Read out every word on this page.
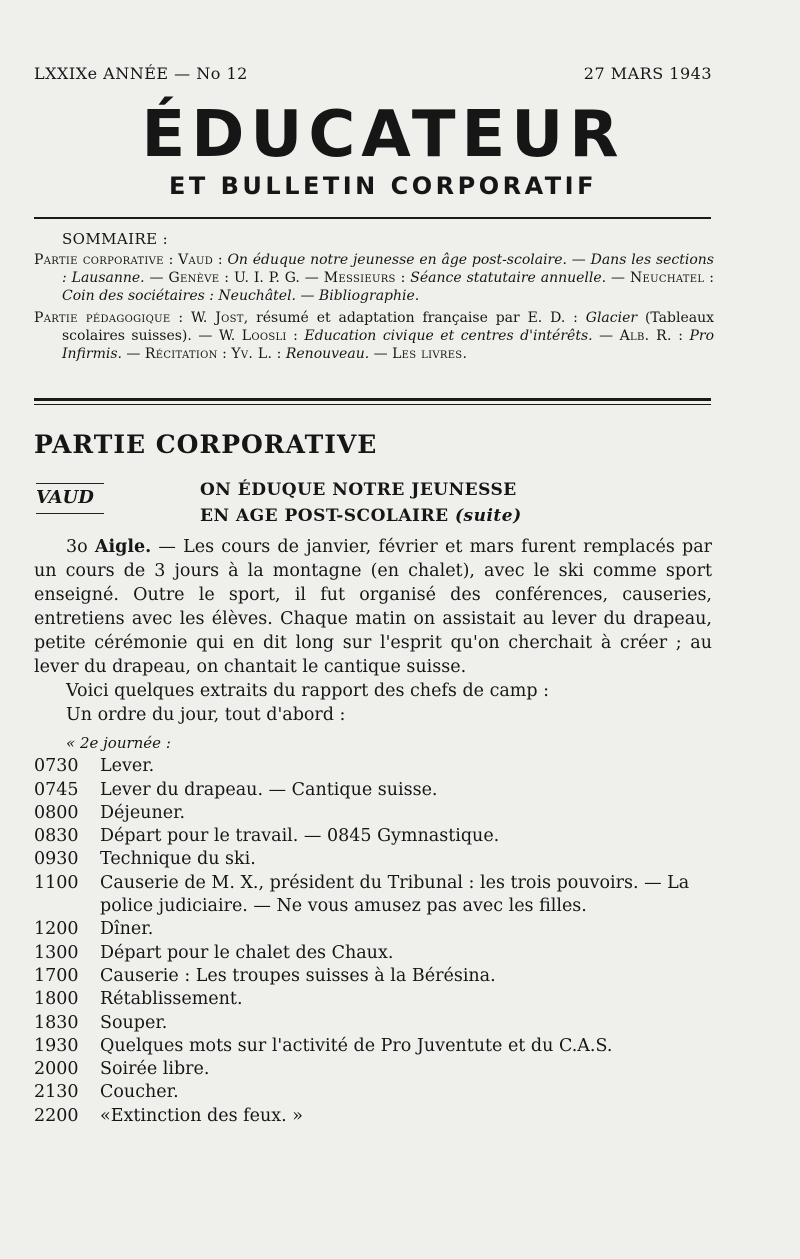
LXXIXe ANNÉE — No 12	27 MARS 1943
ÉDUCATEUR
ET BULLETIN CORPORATIF
SOMMAIRE :

Partie corporative : Vaud : On éduque notre jeunesse en âge post-scolaire. — Dans les sections : Lausanne. — Genève : U. I. P. G. — Messieurs : Séance statutaire annuelle. — Neuchatel : Coin des sociétaires : Neuchâtel. — Bibliographie.

Partie pédagogique : W. Jost, résumé et adaptation française par E. D. : Glacier (Tableaux scolaires suisses). — W. Loosli : Education civique et centres d'intérêts. — Alb. R. : Pro Infirmis. — Récitation : Yv. L. : Renouveau. — Les livres.

PARTIE CORPORATIVE
VAUD	ON ÉDUQUE NOTRE JEUNESSE
EN AGE POST-SCOLAIRE (suite)

3o Aigle. — Les cours de janvier, février et mars furent remplacés par un cours de 3 jours à la montagne (en chalet), avec le ski comme sport enseigné. Outre le sport, il fut organisé des conférences, causeries, entretiens avec les élèves. Chaque matin on assistait au lever du drapeau, petite cérémonie qui en dit long sur l'esprit qu'on cherchait à créer ; au lever du drapeau, on chantait le cantique suisse.

Voici quelques extraits du rapport des chefs de camp :

Un ordre du jour, tout d'abord :

« 2e journée :
0730	Lever.
0745	Lever du drapeau. — Cantique suisse.
0800	Déjeuner.
0830	Départ pour le travail. — 0845 Gymnastique.
0930	Technique du ski.
1100	Causerie de M. X., président du Tribunal : les trois pouvoirs. — La police judiciaire. — Ne vous amusez pas avec les filles.
1200	Dîner.
1300	Départ pour le chalet des Chaux.
1700	Causerie : Les troupes suisses à la Bérésina.
1800	Rétablissement.
1830	Souper.
1930	Quelques mots sur l'activité de Pro Juventute et du C.A.S.
2000	Soirée libre.
2130	Coucher.
2200	«Extinction des feux. »
